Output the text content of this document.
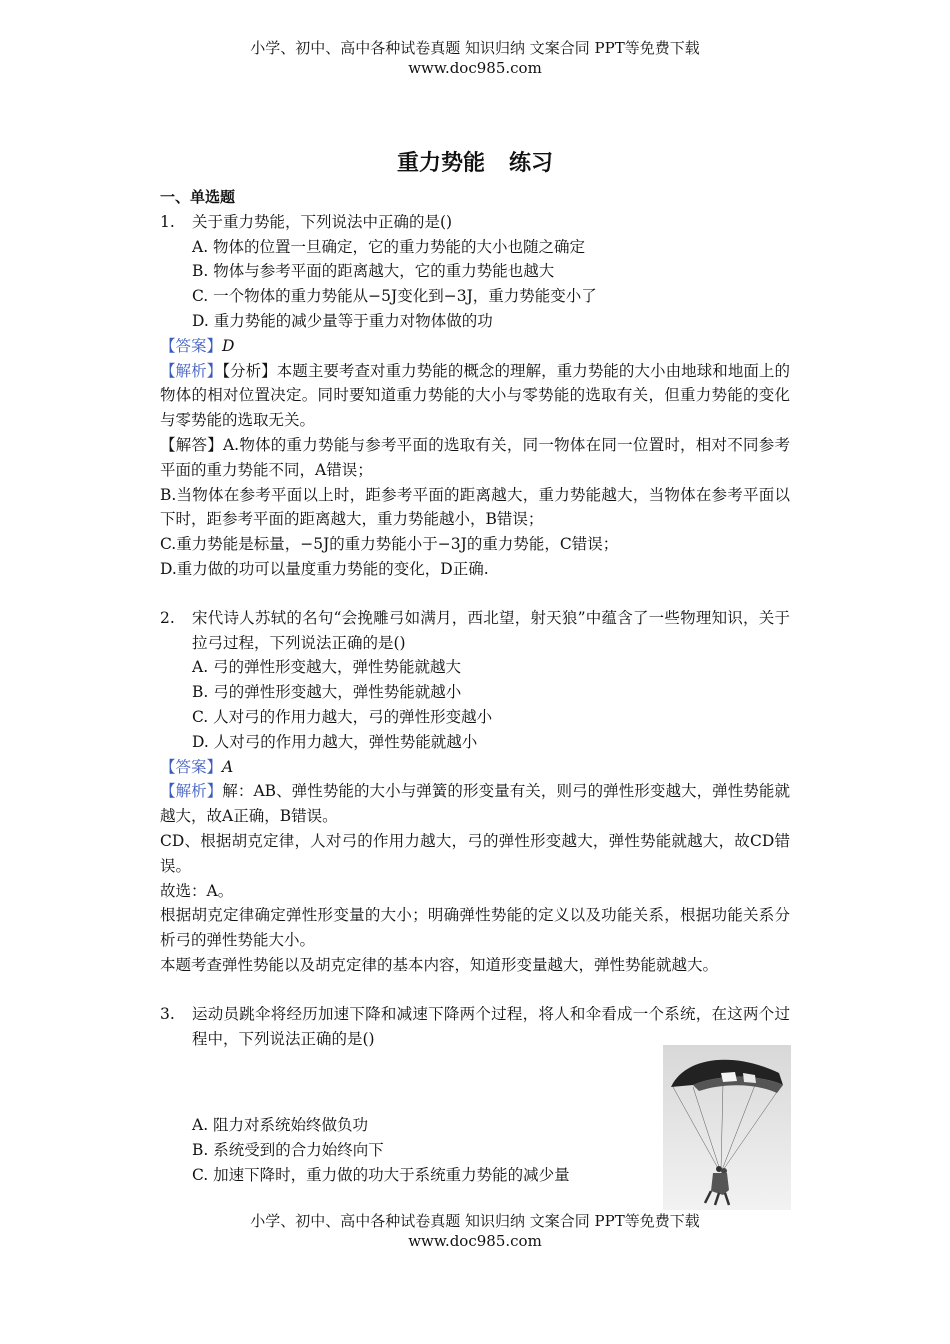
小学、初中、高中各种试卷真题 知识归纳 文案合同 PPT等免费下载
www.doc985.com
重力势能 练习
一、单选题
1.	关于重力势能，下列说法中正确的是()
A. 物体的位置一旦确定，它的重力势能的大小也随之确定
B. 物体与参考平面的距离越大，它的重力势能也越大
C. 一个物体的重力势能从−5J变化到−3J，重力势能变小了
D. 重力势能的减少量等于重力对物体做的功
【答案】D
【解析】【分析】本题主要考查对重力势能的概念的理解，重力势能的大小由地球和地面上的物体的相对位置决定。同时要知道重力势能的大小与零势能的选取有关，但重力势能的变化与零势能的选取无关。
【解答】A.物体的重力势能与参考平面的选取有关，同一物体在同一位置时，相对不同参考平面的重力势能不同，A错误；
B.当物体在参考平面以上时，距参考平面的距离越大，重力势能越大，当物体在参考平面以下时，距参考平面的距离越大，重力势能越小，B错误；
C.重力势能是标量，−5J的重力势能小于−3J的重力势能，C错误；
D.重力做的功可以量度重力势能的变化，D正确.
2.	宋代诗人苏轼的名句“会挽雕弓如满月，西北望，射天狼”中蕴含了一些物理知识，关于拉弓过程，下列说法正确的是()
A. 弓的弹性形变越大，弹性势能就越大
B. 弓的弹性形变越大，弹性势能就越小
C. 人对弓的作用力越大，弓的弹性形变越小
D. 人对弓的作用力越大，弹性势能就越小
【答案】A
【解析】解：AB、弹性势能的大小与弹簧的形变量有关，则弓的弹性形变越大，弹性势能就越大，故A正确，B错误。
CD、根据胡克定律，人对弓的作用力越大，弓的弹性形变越大，弹性势能就越大，故CD错误。
故选：A。
根据胡克定律确定弹性形变量的大小；明确弹性势能的定义以及功能关系，根据功能关系分析弓的弹性势能大小。
本题考查弹性势能以及胡克定律的基本内容，知道形变量越大，弹性势能就越大。
3.	运动员跳伞将经历加速下降和减速下降两个过程，将人和伞看成一个系统，在这两个过程中，下列说法正确的是()
A. 阻力对系统始终做负功
B. 系统受到的合力始终向下
C. 加速下降时，重力做的功大于系统重力势能的减少量
小学、初中、高中各种试卷真题 知识归纳 文案合同 PPT等免费下载
www.doc985.com
